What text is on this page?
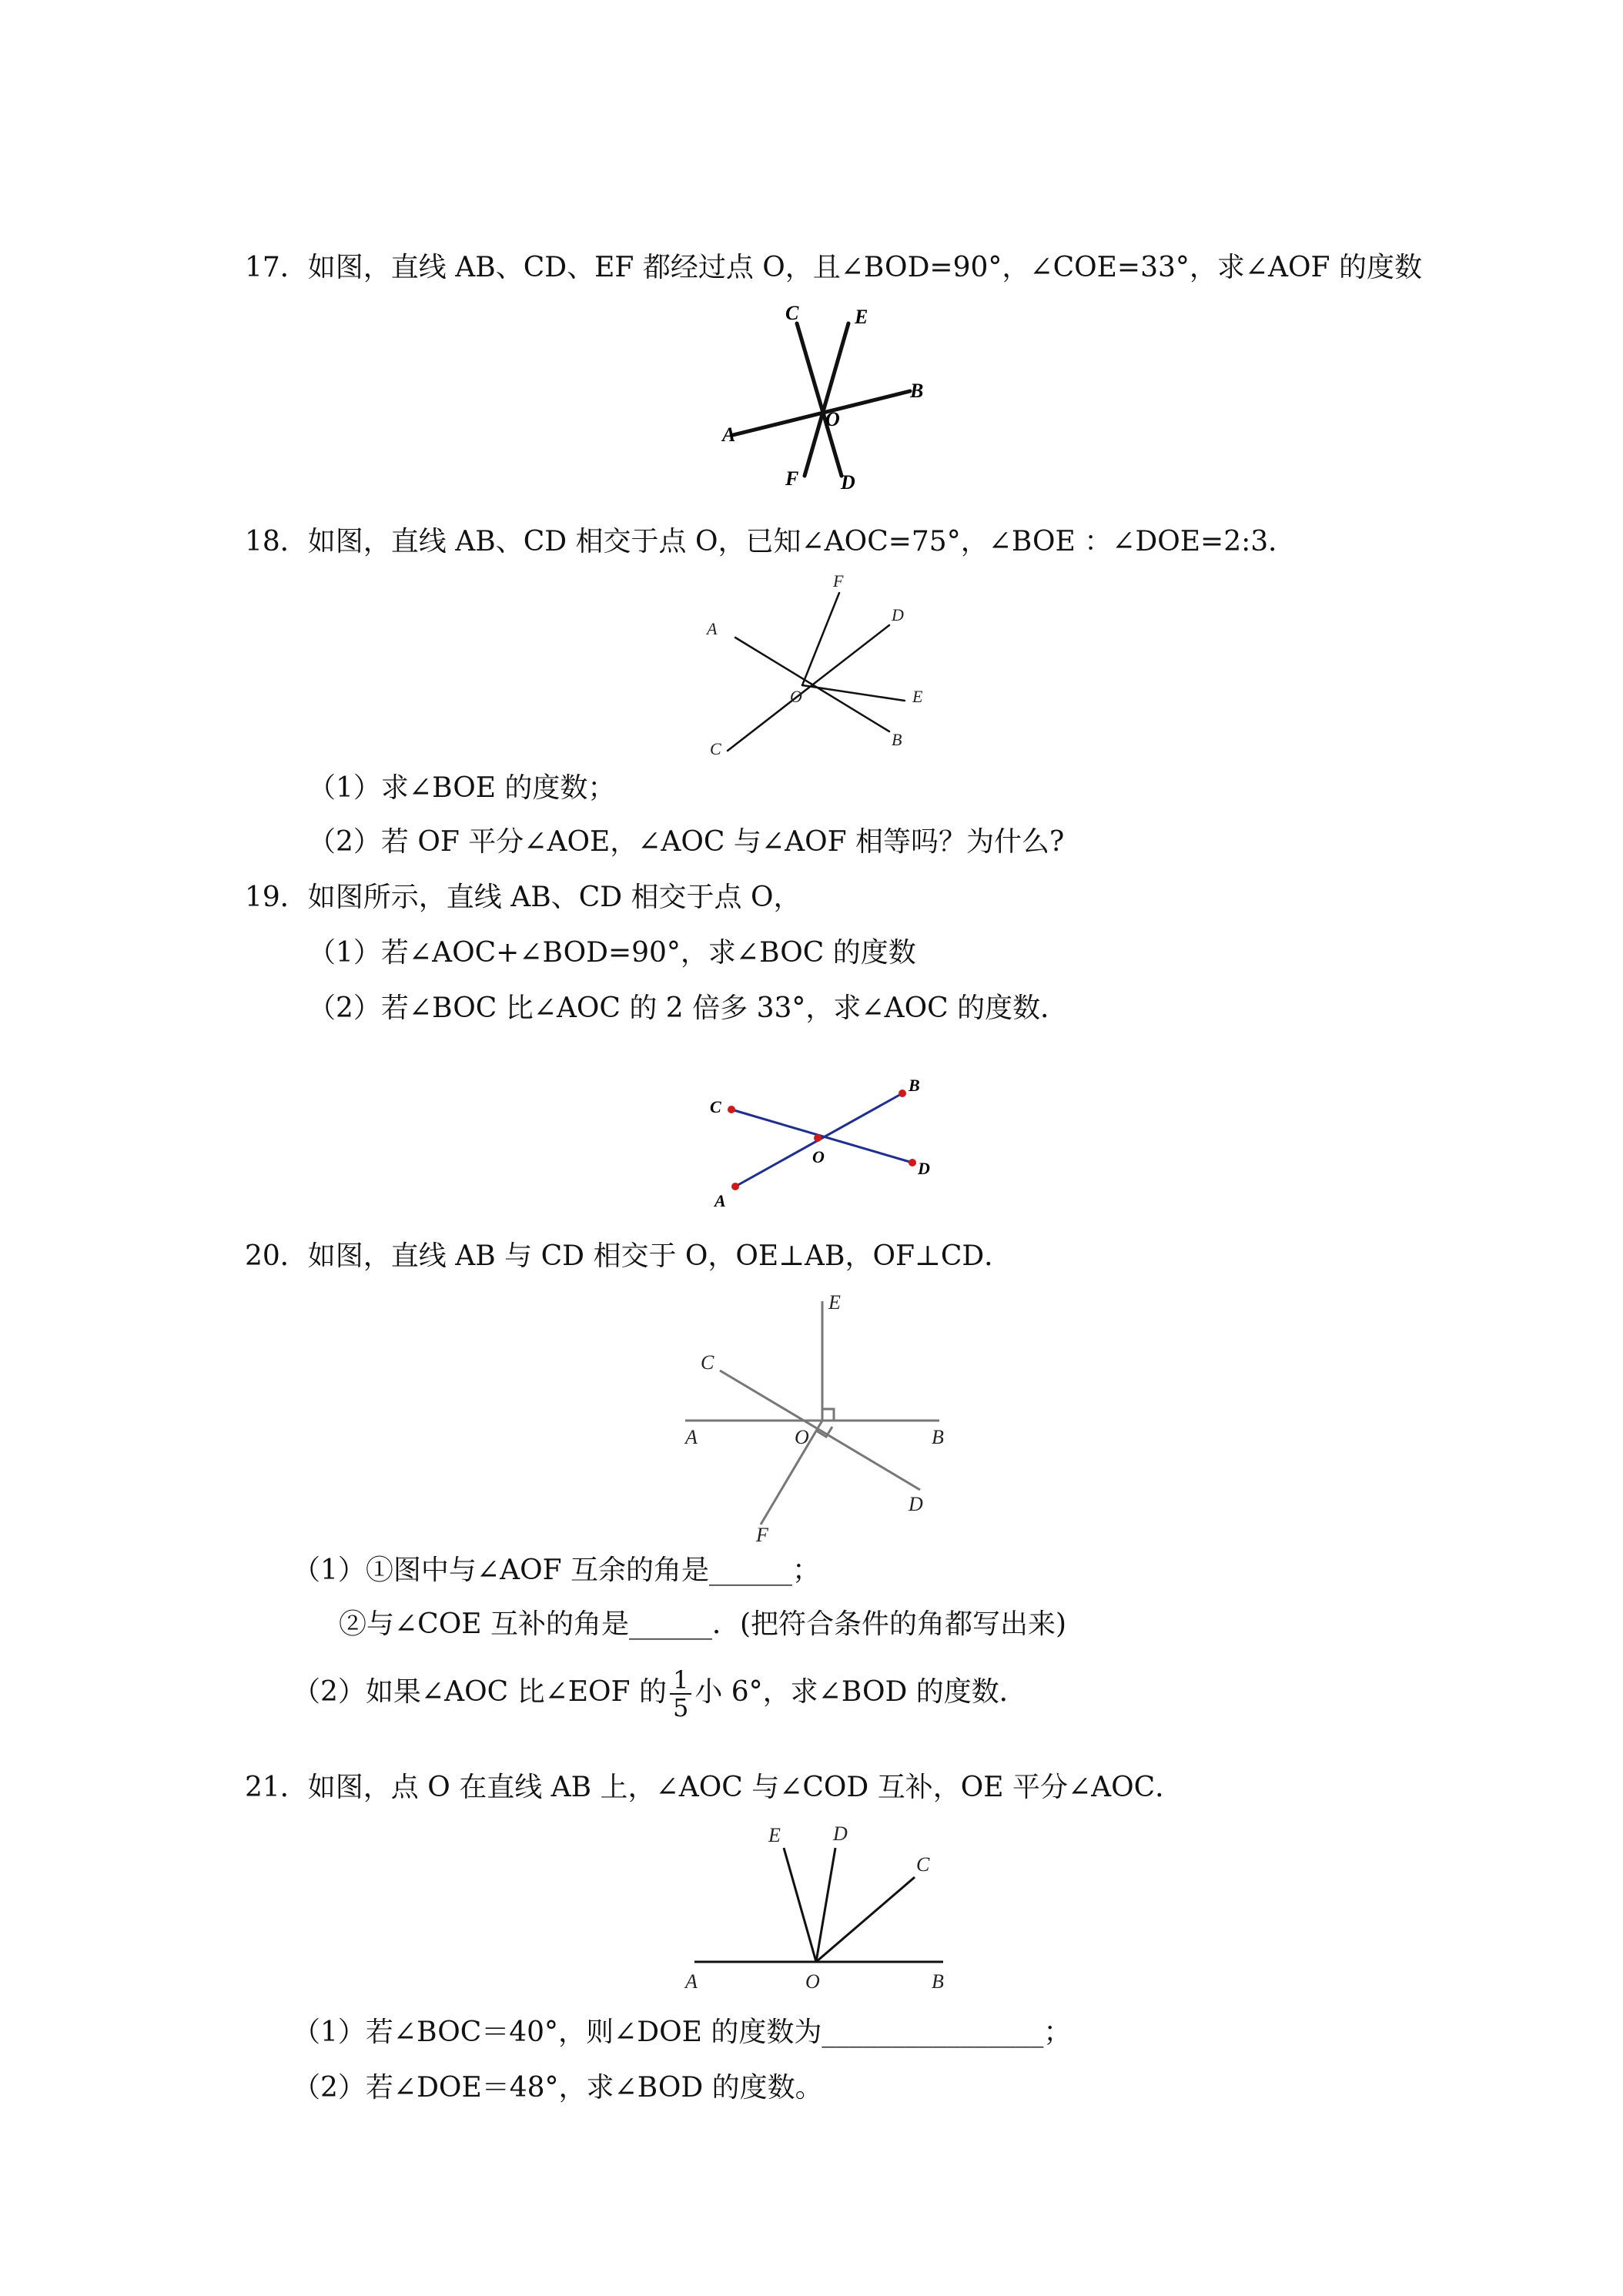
17．如图，直线 AB、CD、EF 都经过点 O，且∠BOD=90°，∠COE=33°，求∠AOF 的度数
A
B
C
D
E
F
O
18．如图，直线 AB、CD 相交于点 O，已知∠AOC=75°，∠BOE ：∠DOE=2:3．
A
B
C
D
E
F
O
（1）求∠BOE 的度数；
（2）若 OF 平分∠AOE，∠AOC 与∠AOF 相等吗？为什么?
19．如图所示，直线 AB、CD 相交于点 O，
（1）若∠AOC+∠BOD=90°，求∠BOC 的度数
（2）若∠BOC 比∠AOC 的 2 倍多 33°，求∠AOC 的度数．
C
B
D
A
O
20．如图，直线 AB 与 CD 相交于 O，OE⊥AB，OF⊥CD．
E
C
A	O	B
D
F
（1）①图中与∠AOF 互余的角是______；
②与∠COE 互补的角是______．(把符合条件的角都写出来)
（2）如果∠AOC 比∠EOF 的 $\frac{1}{5}$ 小 6°，求∠BOD 的度数．
21．如图，点 O 在直线 AB 上，∠AOC 与∠COD 互补，OE 平分∠AOC．
E	D
C
A	O	B
（1）若∠BOC＝40°，则∠DOE 的度数为________________；
（2）若∠DOE＝48°，求∠BOD 的度数。
